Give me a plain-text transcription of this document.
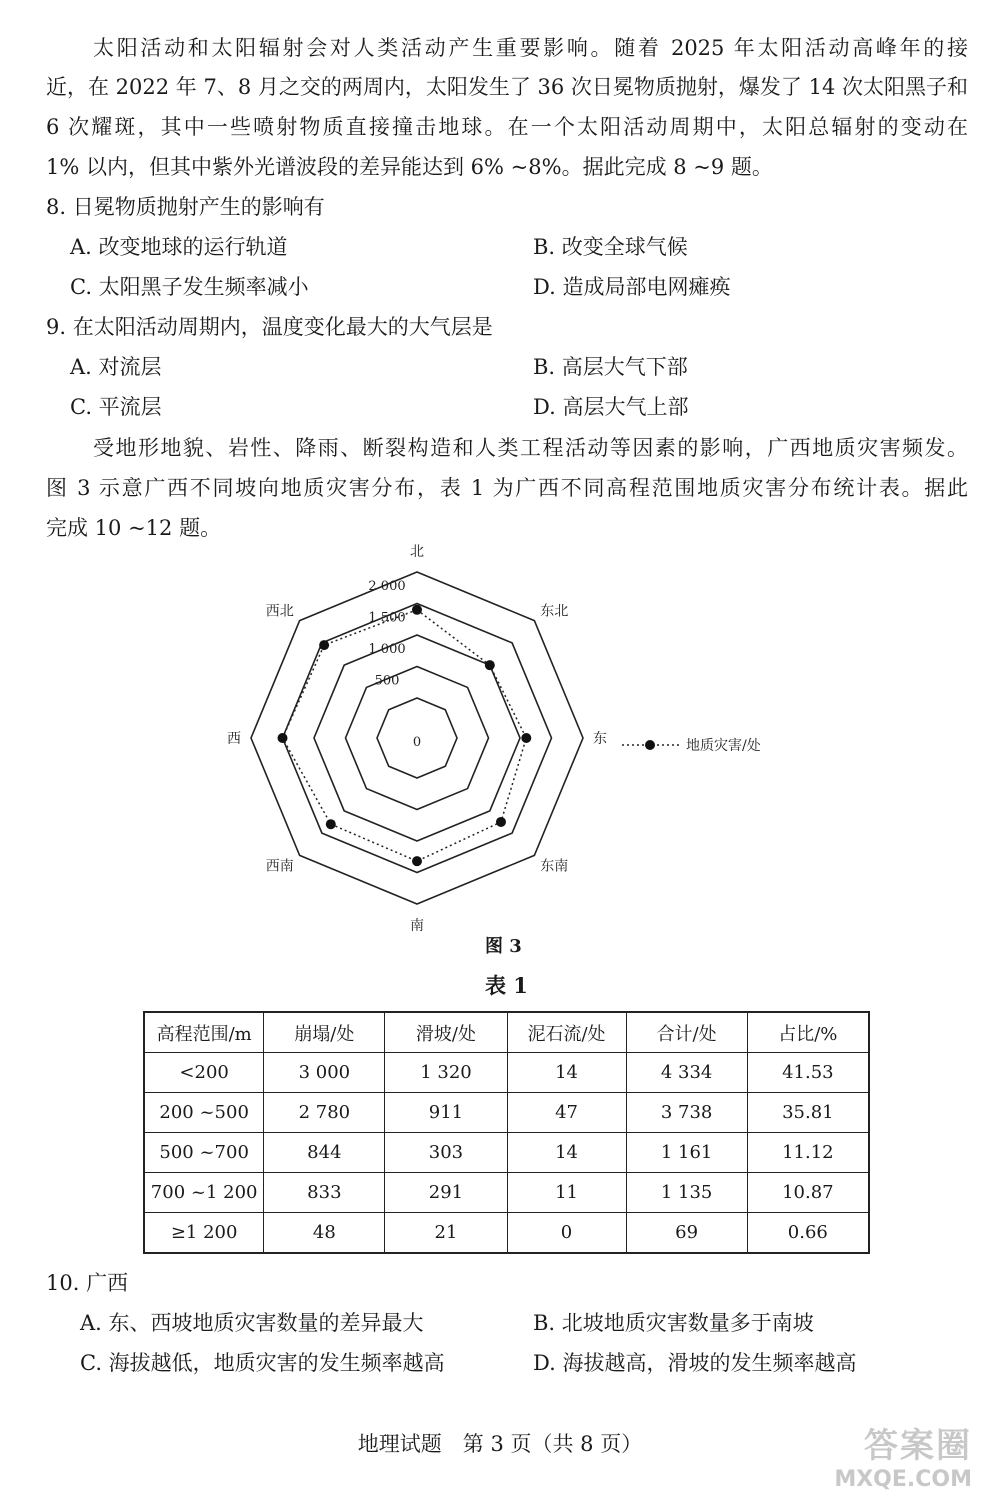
太阳活动和太阳辐射会对人类活动产生重要影响。随着 2025 年太阳活动高峰年的接
近，在 2022 年 7、8 月之交的两周内，太阳发生了 36 次日冕物质抛射，爆发了 14 次太阳黑子和
6 次耀斑，其中一些喷射物质直接撞击地球。在一个太阳活动周期中，太阳总辐射的变动在
1% 以内，但其中紫外光谱波段的差异能达到 6% ~8%。据此完成 8 ~9 题。
8. 日冕物质抛射产生的影响有
A. 改变地球的运行轨道	B. 改变全球气候
C. 太阳黑子发生频率减小	D. 造成局部电网瘫痪
9. 在太阳活动周期内，温度变化最大的大气层是
A. 对流层	B. 高层大气下部
C. 平流层	D. 高层大气上部
受地形地貌、岩性、降雨、断裂构造和人类工程活动等因素的影响，广西地质灾害频发。
图 3 示意广西不同坡向地质灾害分布，表 1 为广西不同高程范围地质灾害分布统计表。据此
完成 10 ~12 题。
0
500
1 000
1 500
2 000
北
东北
东
东南
南
西南
西
西北
地质灾害/处
图 3
表 1
高程范围/m	崩塌/处	滑坡/处	泥石流/处	合计/处	占比/%
<200	3 000	1 320	14	4 334	41.53
200 ~500	2 780	911	47	3 738	35.81
500 ~700	844	303	14	1 161	11.12
700 ~1 200	833	291	11	1 135	10.87
≥1 200	48	21	0	69	0.66
10. 广西
A. 东、西坡地质灾害数量的差异最大	B. 北坡地质灾害数量多于南坡
C. 海拔越低，地质灾害的发生频率越高	D. 海拔越高，滑坡的发生频率越高
地理试题　第 3 页（共 8 页）	答案圈
MXQE.COM
